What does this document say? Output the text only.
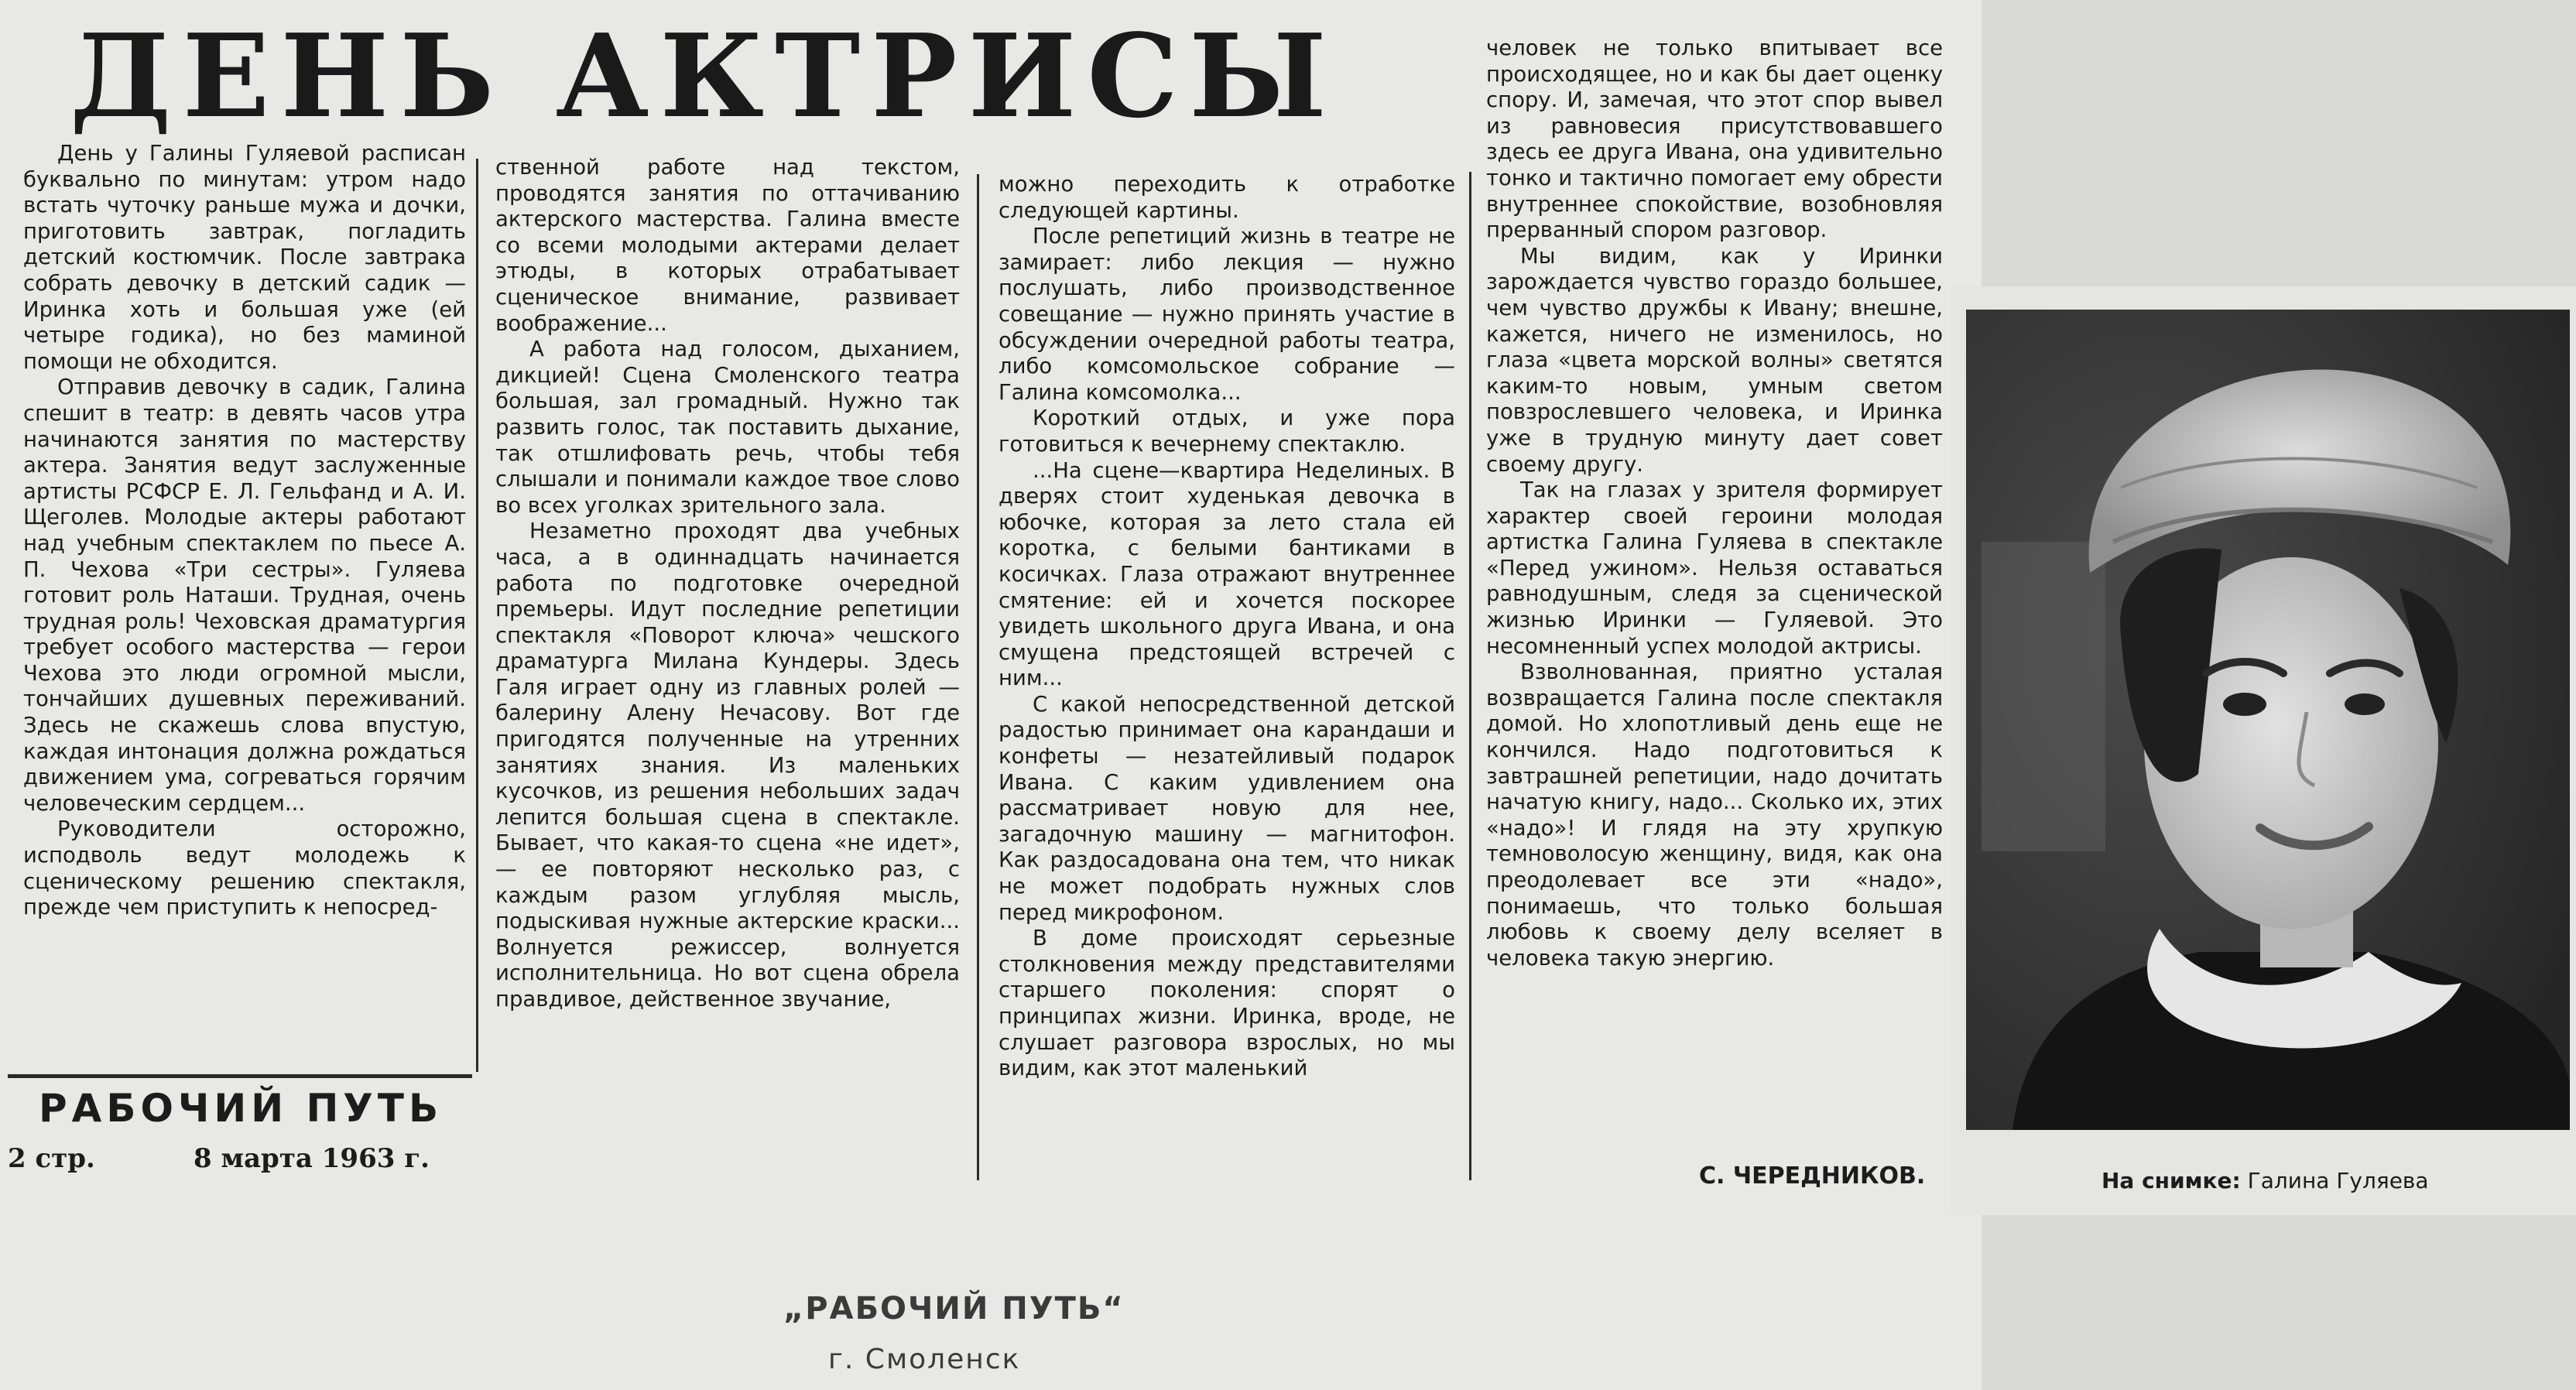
ДЕНЬ АКТРИСЫ

День у Галины Гуляевой расписан буквально по минутам: утром надо встать чуточку раньше мужа и дочки, приготовить завтрак, погладить детский костюмчик. После завтрака собрать девочку в детский садик — Иринка хоть и большая уже (ей четыре годика), но без маминой помощи не обходится.

Отправив девочку в садик, Галина спешит в театр: в девять часов утра начинаются занятия по мастерству актера. Занятия ведут заслуженные артисты РСФСР Е. Л. Гельфанд и А. И. Щеголев. Молодые актеры работают над учебным спектаклем по пьесе А. П. Чехова «Три сестры». Гуляева готовит роль Наташи. Трудная, очень трудная роль! Чеховская драматургия требует особого мастерства — герои Чехова это люди огромной мысли, тончайших душевных переживаний. Здесь не скажешь слова впустую, каждая интонация должна рождаться движением ума, согреваться горячим человеческим сердцем...

Руководители осторожно, исподволь ведут молодежь к сценическому решению спектакля, прежде чем приступить к непосред-

ственной работе над текстом, проводятся занятия по оттачиванию актерского мастерства. Галина вместе со всеми молодыми актерами делает этюды, в которых отрабатывает сценическое внимание, развивает воображение...

А работа над голосом, дыханием, дикцией! Сцена Смоленского театра большая, зал громадный. Нужно так развить голос, так поставить дыхание, так отшлифовать речь, чтобы тебя слышали и понимали каждое твое слово во всех уголках зрительного зала.

Незаметно проходят два учебных часа, а в одиннадцать начинается работа по подготовке очередной премьеры. Идут последние репетиции спектакля «Поворот ключа» чешского драматурга Милана Кундеры. Здесь Галя играет одну из главных ролей — балерину Алену Нечасову. Вот где пригодятся полученные на утренних занятиях знания. Из маленьких кусочков, из решения небольших задач лепится большая сцена в спектакле. Бывает, что какая-то сцена «не идет», — ее повторяют несколько раз, с каждым разом углубляя мысль, подыскивая нужные актерские краски... Волнуется режиссер, волнуется исполнительница. Но вот сцена обрела правдивое, действенное звучание,

можно переходить к отработке следующей картины.

После репетиций жизнь в театре не замирает: либо лекция — нужно послушать, либо производственное совещание — нужно принять участие в обсуждении очередной работы театра, либо комсомольское собрание — Галина комсомолка...

Короткий отдых, и уже пора готовиться к вечернему спектаклю.

...На сцене—квартира Неделиных. В дверях стоит худенькая девочка в юбочке, которая за лето стала ей коротка, с белыми бантиками в косичках. Глаза отражают внутреннее смятение: ей и хочется поскорее увидеть школьного друга Ивана, и она смущена предстоящей встречей с ним...

С какой непосредственной детской радостью принимает она карандаши и конфеты — незатейливый подарок Ивана. С каким удивлением она рассматривает новую для нее, загадочную машину — магнитофон. Как раздосадована она тем, что никак не может подобрать нужных слов перед микрофоном.

В доме происходят серьезные столкновения между представителями старшего поколения: спорят о принципах жизни. Иринка, вроде, не слушает разговора взрослых, но мы видим, как этот маленький

человек не только впитывает все происходящее, но и как бы дает оценку спору. И, замечая, что этот спор вывел из равновесия присутствовавшего здесь ее друга Ивана, она удивительно тонко и тактично помогает ему обрести внутреннее спокойствие, возобновляя прерванный спором разговор.

Мы видим, как у Иринки зарождается чувство гораздо большее, чем чувство дружбы к Ивану; внешне, кажется, ничего не изменилось, но глаза «цвета морской волны» светятся каким-то новым, умным светом повзрослевшего человека, и Иринка уже в трудную минуту дает совет своему другу.

Так на глазах у зрителя формирует характер своей героини молодая артистка Галина Гуляева в спектакле «Перед ужином». Нельзя оставаться равнодушным, следя за сценической жизнью Иринки — Гуляевой. Это несомненный успех молодой актрисы.

Взволнованная, приятно усталая возвращается Галина после спектакля домой. Но хлопотливый день еще не кончился. Надо подготовиться к завтрашней репетиции, надо дочитать начатую книгу, надо... Сколько их, этих «надо»! И глядя на эту хрупкую темноволосую женщину, видя, как она преодолевает все эти «надо», понимаешь, что только большая любовь к своему делу вселяет в человека такую энергию.

РАБОЧИЙ ПУТЬ
2 стр.	8 марта 1963 г.
С. ЧЕРЕДНИКОВ.	На снимке: Галина Гуляева

„РАБОЧИЙ ПУТЬ“

г. Смоленск
